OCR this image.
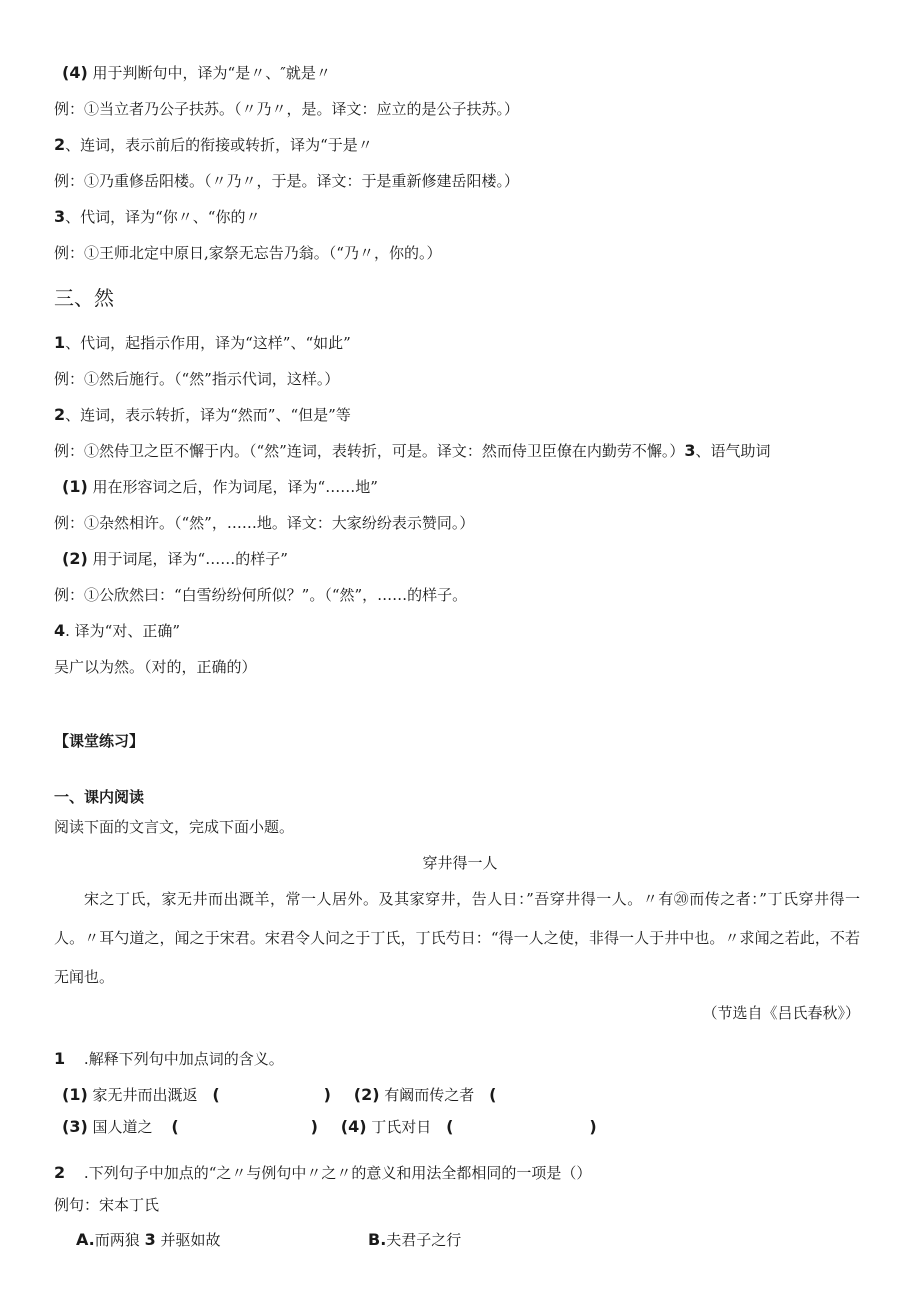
(4) 用于判断句中，译为“是〃、″就是〃
例：①当立者乃公子扶苏。（〃乃〃，是。译文：应立的是公子扶苏。）
2、连词，表示前后的衔接或转折，译为“于是〃
例：①乃重修岳阳楼。（〃乃〃，于是。译文：于是重新修建岳阳楼。）
3、代词，译为“你〃、“你的〃
例：①王师北定中原日,家祭无忘告乃翁。（“乃〃，你的。）
三、然
1、代词，起指示作用，译为“这样”、“如此”
例：①然后施行。（“然”指示代词，这样。）
2、连词，表示转折，译为“然而”、“但是”等
例：①然侍卫之臣不懈于内。（“然”连词，表转折，可是。译文：然而侍卫臣僚在内勤劳不懈。）3、语气助词
(1) 用在形容词之后，作为词尾，译为“……地”
例：①杂然相许。（“然”，……地。译文：大家纷纷表示赞同。）
(2) 用于词尾，译为“……的样子”
例：①公欣然曰：“白雪纷纷何所似？”。（“然”，……的样子。
4. 译为“对、正确”
吴广以为然。（对的，正确的）
【课堂练习】
一、课内阅读
阅读下面的文言文，完成下面小题。
穿井得一人
宋之丁氏，家无井而出溉羊，常一人居外。及其家穿井，告人日：”吾穿井得一人。〃有⑳而传之者：”丁氏穿井得一人。〃耳勺道之，闻之于宋君。宋君令人问之于丁氏，丁氏芍日：“得一人之使，非得一人于井中也。〃求闻之若此，不若无闻也。
（节选自《吕氏春秋》）
1 .解释下列句中加点词的含义。
(1) 家无井而出溉返 (	) (2) 有阚而传之者 (
(3) 国人道之 (	) (4) 丁氏对日 (	)
2 .下列句子中加点的“之〃与例句中〃之〃的意义和用法全都相同的一项是（）
例句：宋本丁氏
A.而两狼 3 并驱如故	B.夫君子之行
